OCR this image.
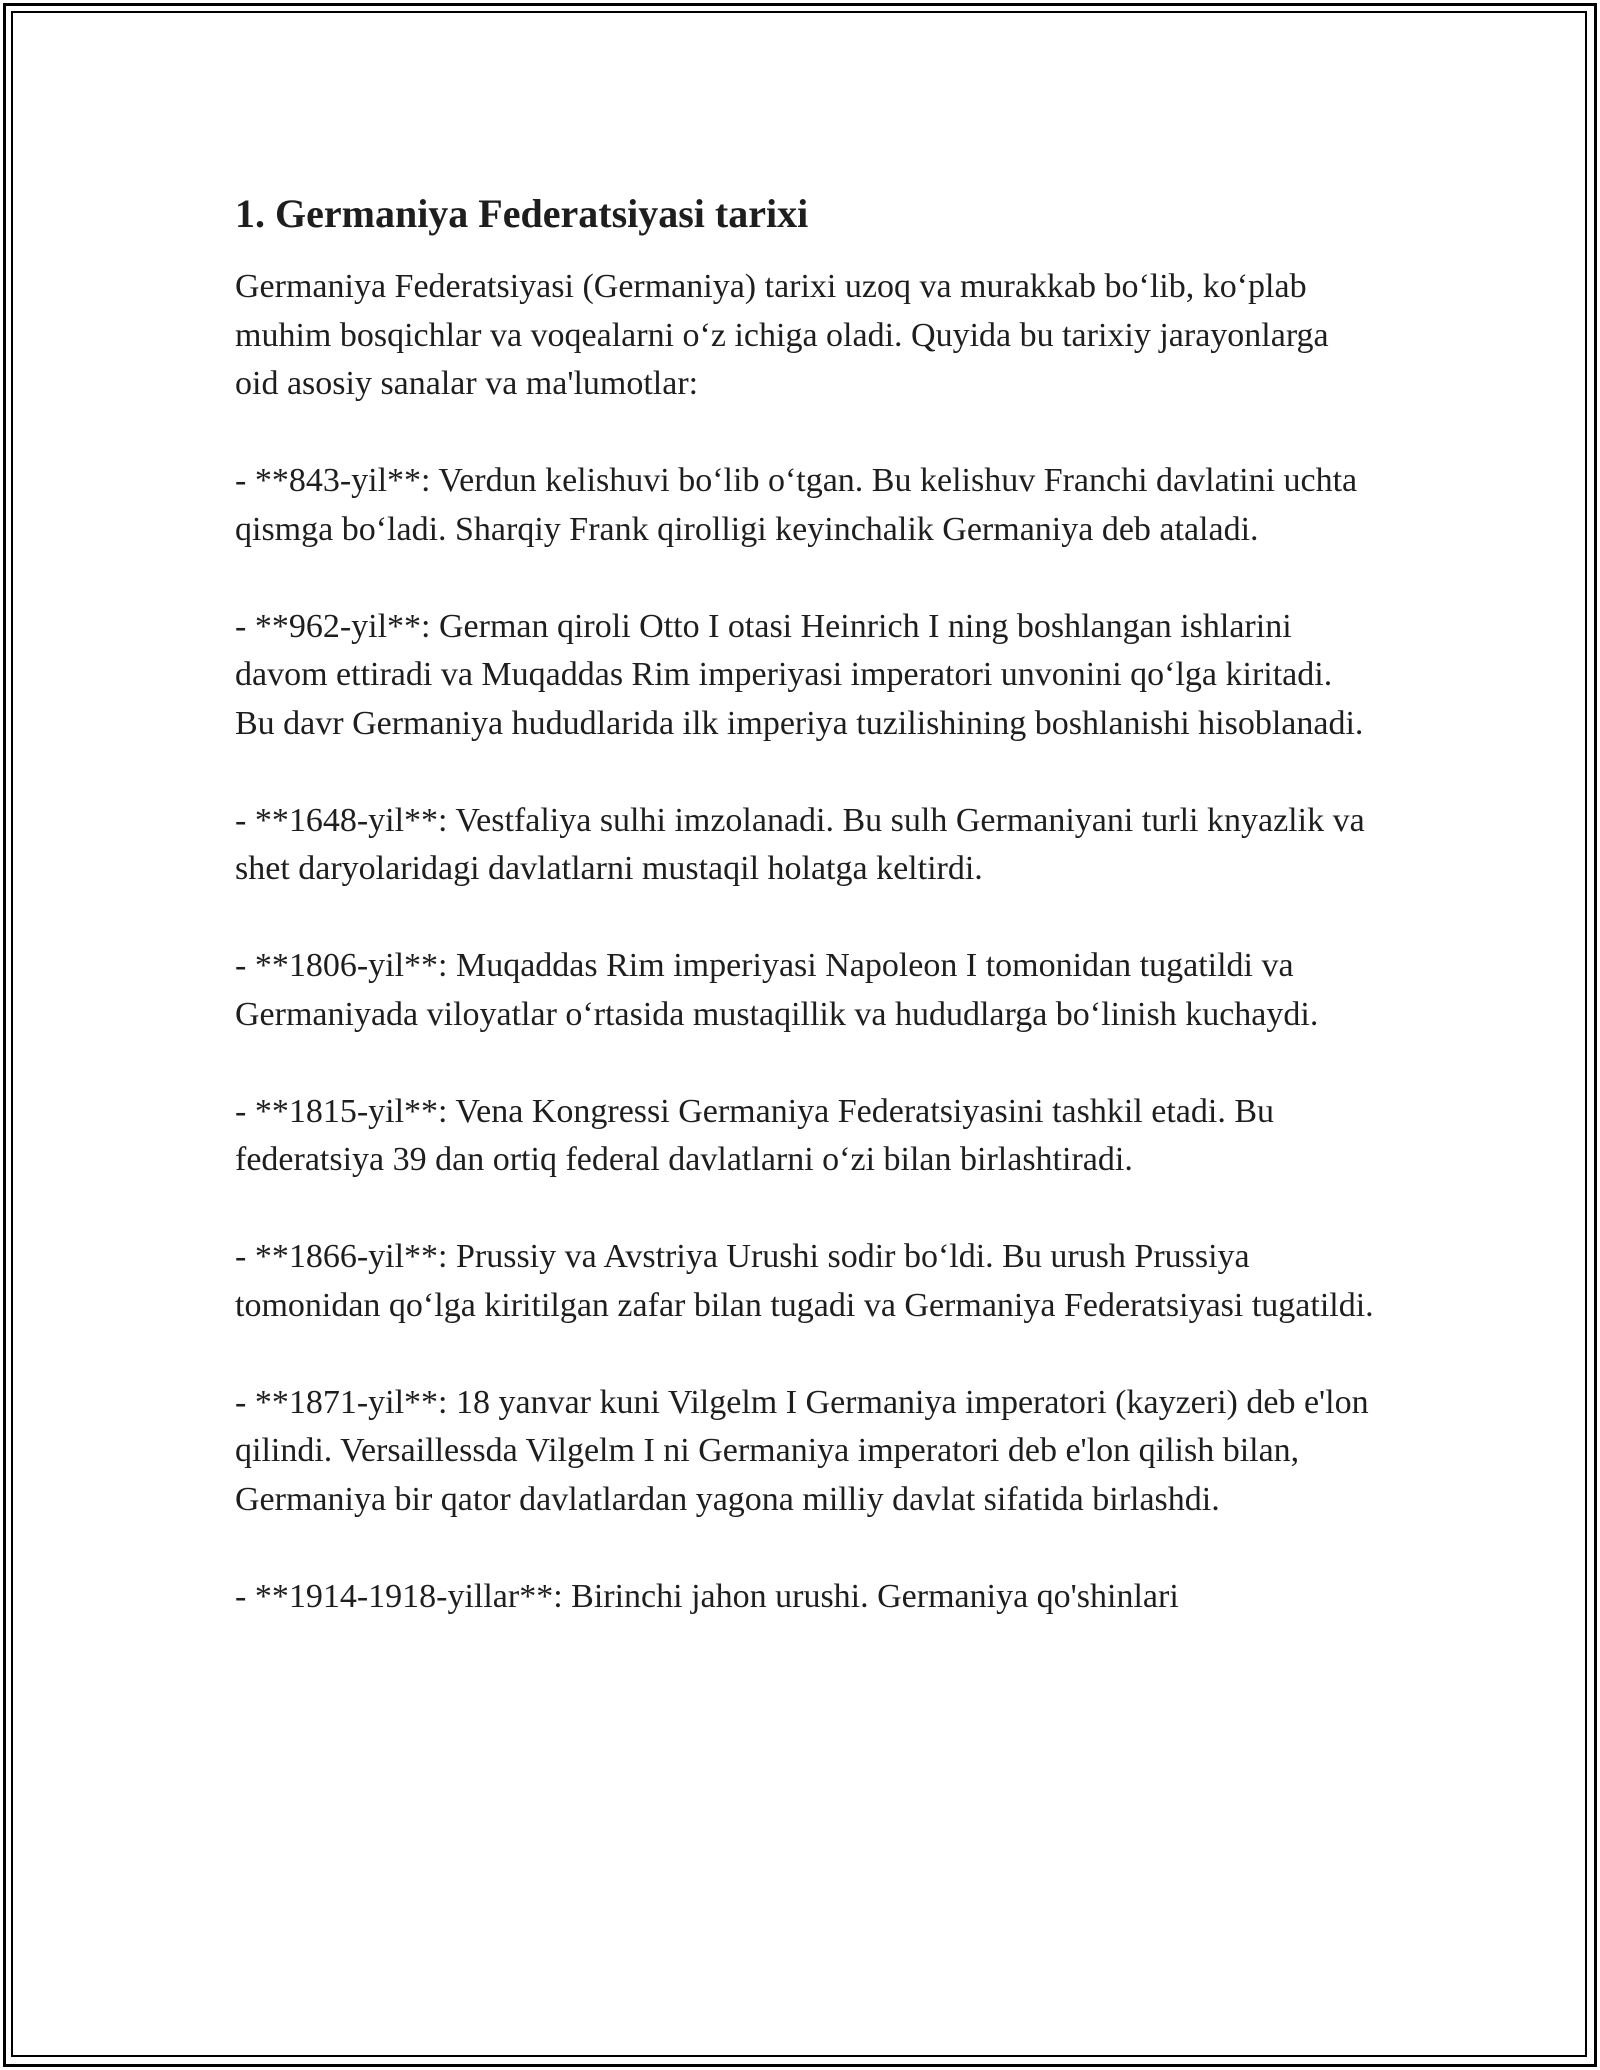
1. Germaniya Federatsiyasi tarixi

Germaniya Federatsiyasi (Germaniya) tarixi uzoq va murakkab boʻlib, koʻplab muhim bosqichlar va voqealarni oʻz ichiga oladi. Quyida bu tarixiy jarayonlarga oid asosiy sanalar va ma'lumotlar:

- **843-yil**: Verdun kelishuvi boʻlib oʻtgan. Bu kelishuv Franchi davlatini uchta qismga boʻladi. Sharqiy Frank qirolligi keyinchalik Germaniya deb ataladi.

- **962-yil**: German qiroli Otto I otasi Heinrich I ning boshlangan ishlarini davom ettiradi va Muqaddas Rim imperiyasi imperatori unvonini qoʻlga kiritadi. Bu davr Germaniya hududlarida ilk imperiya tuzilishining boshlanishi hisoblanadi.

- **1648-yil**: Vestfaliya sulhi imzolanadi. Bu sulh Germaniyani turli knyazlik va shet daryolaridagi davlatlarni mustaqil holatga keltirdi.

- **1806-yil**: Muqaddas Rim imperiyasi Napoleon I tomonidan tugatildi va Germaniyada viloyatlar oʻrtasida mustaqillik va hududlarga boʻlinish kuchaydi.

- **1815-yil**: Vena Kongressi Germaniya Federatsiyasini tashkil etadi. Bu federatsiya 39 dan ortiq federal davlatlarni oʻzi bilan birlashtiradi.

- **1866-yil**: Prussiy va Avstriya Urushi sodir boʻldi. Bu urush Prussiya tomonidan qoʻlga kiritilgan zafar bilan tugadi va Germaniya Federatsiyasi tugatildi.

- **1871-yil**: 18 yanvar kuni Vilgelm I Germaniya imperatori (kayzeri) deb e'lon qilindi. Versaillessda Vilgelm I ni Germaniya imperatori deb e'lon qilish bilan, Germaniya bir qator davlatlardan yagona milliy davlat sifatida birlashdi.

- **1914-1918-yillar**: Birinchi jahon urushi. Germaniya qo'shinlari
